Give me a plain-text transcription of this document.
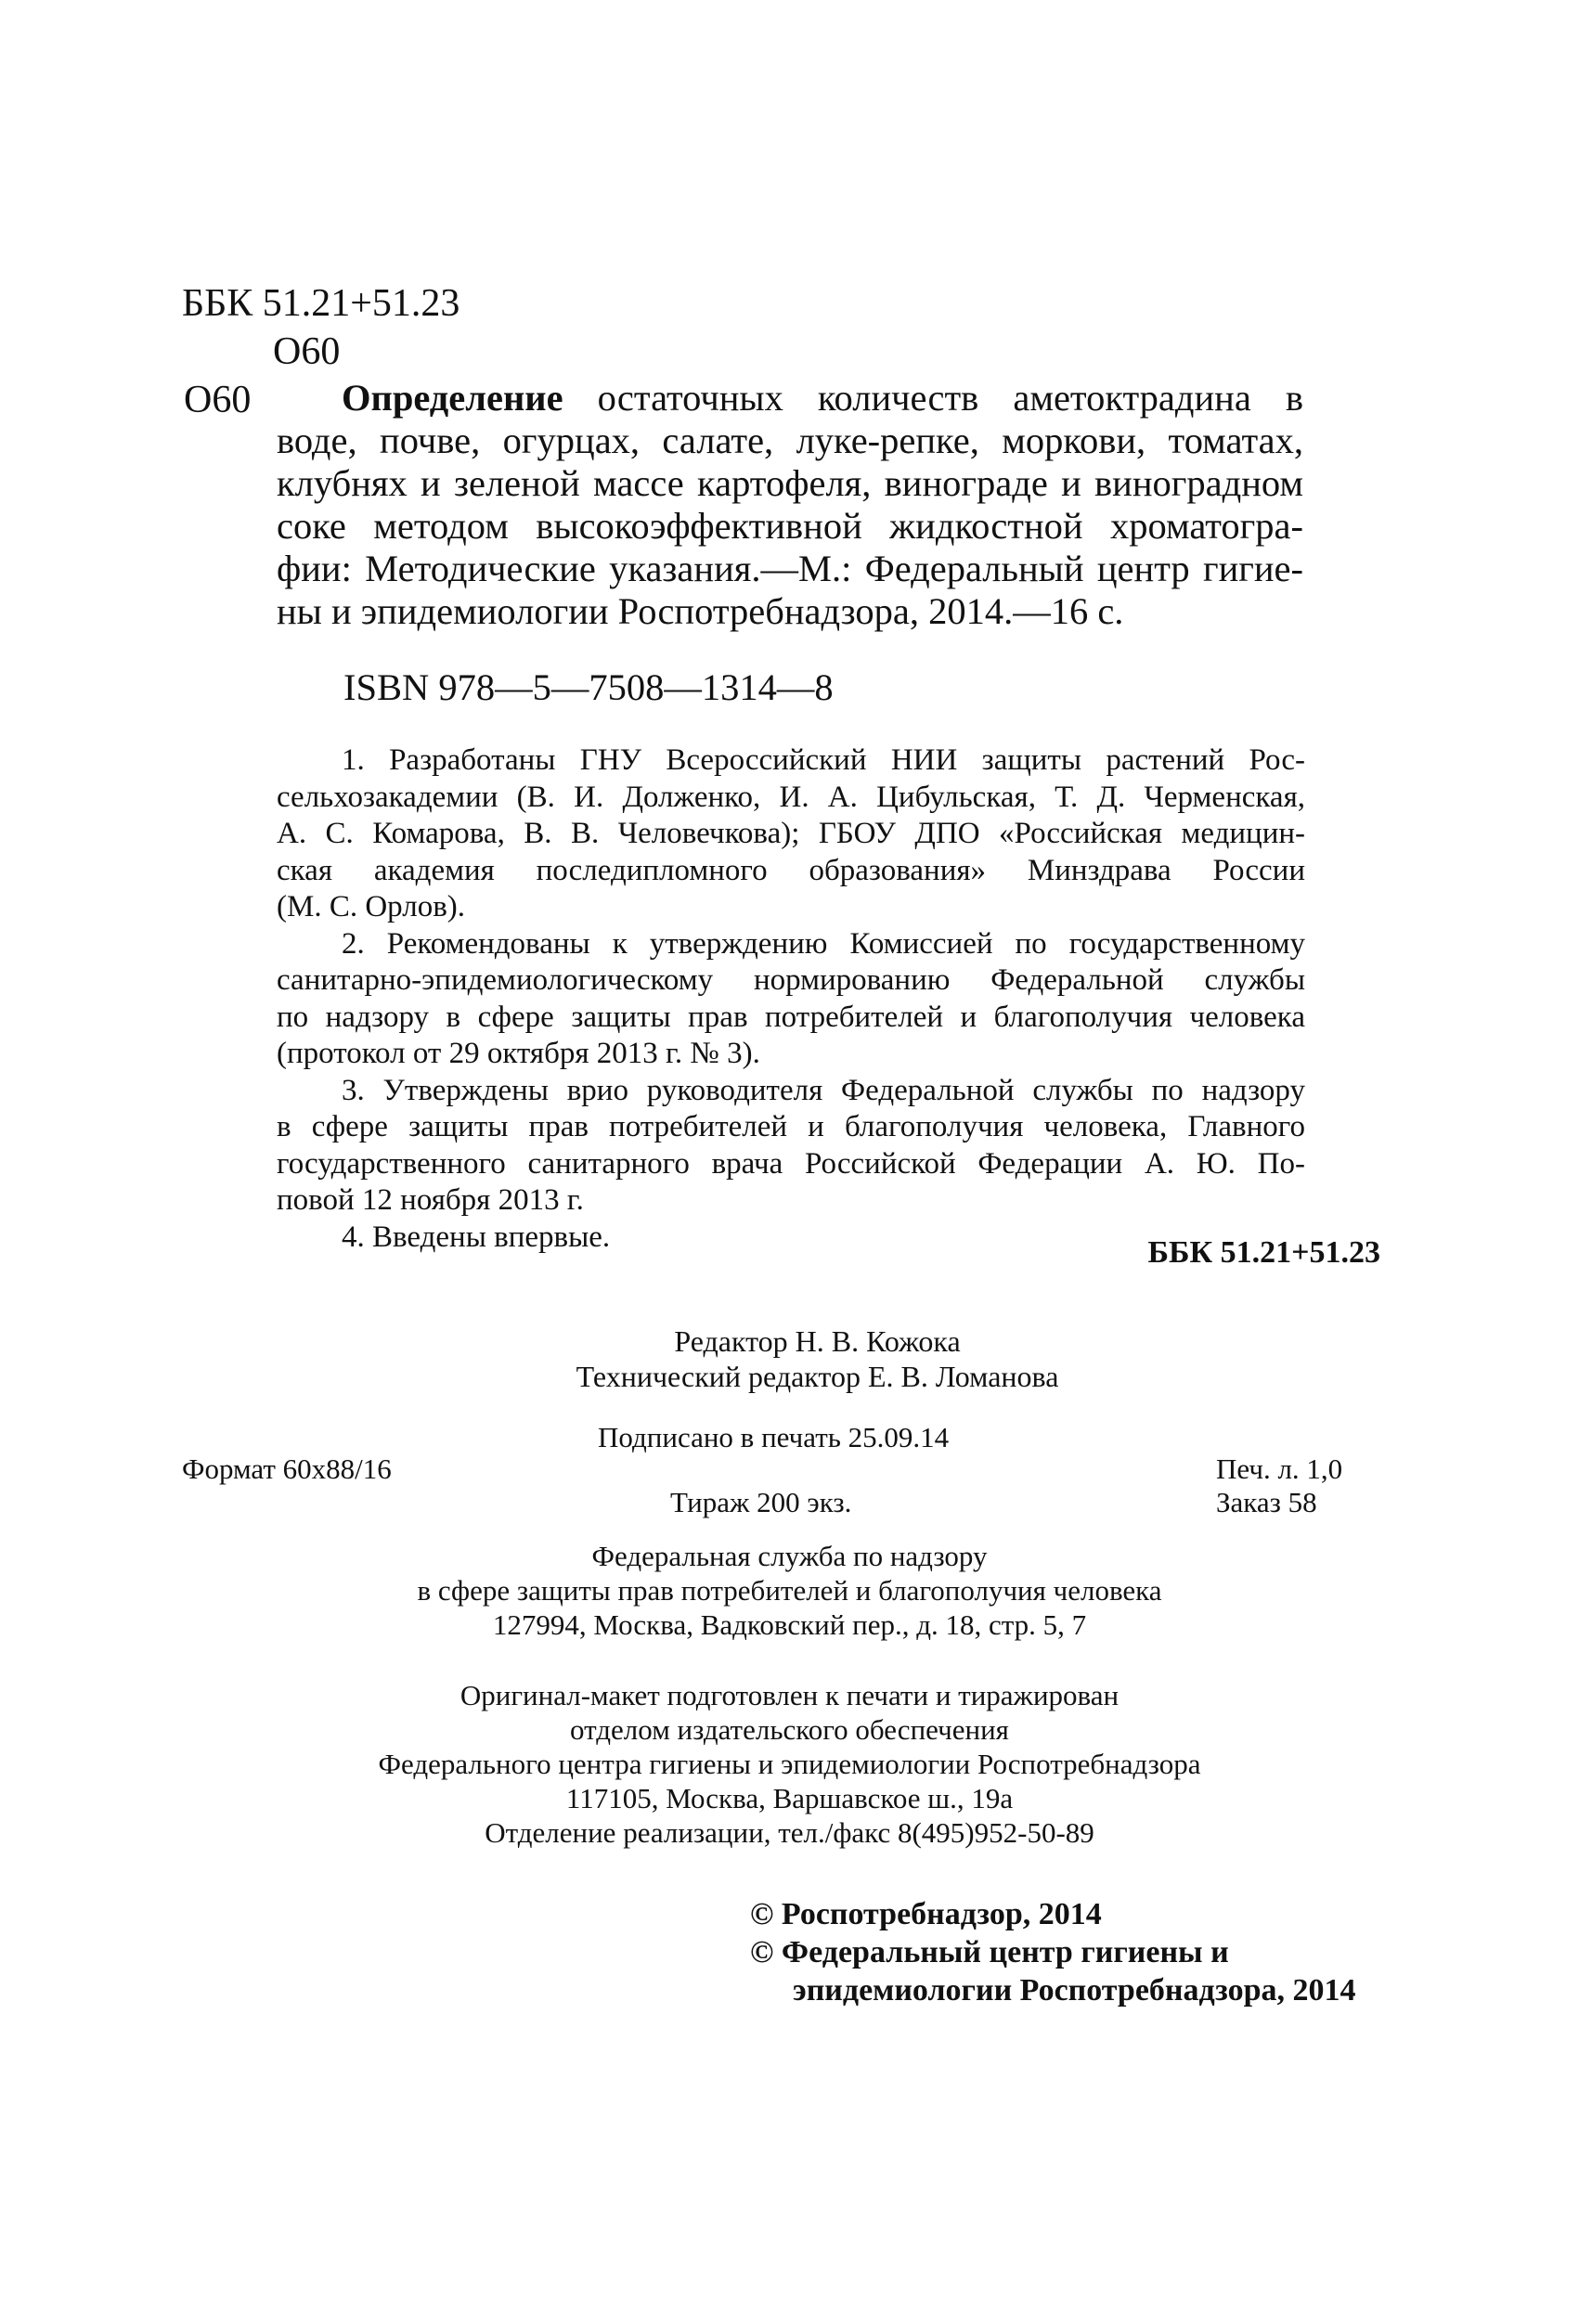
ББК 51.21+51.23
О60
О60	Определение остаточных количеств аметоктрадина в
воде, почве, огурцах, салате, луке-репке, моркови, томатах,
клубнях и зеленой массе картофеля, винограде и виноградном
соке методом высокоэффективной жидкостной хроматогра-
фии: Методические указания.—М.: Федеральный центр гигие-
ны и эпидемиологии Роспотребнадзора, 2014.—16 с.
ISBN 978—5—7508—1314—8
1. Разработаны ГНУ Всероссийский НИИ защиты растений Рос-
сельхозакадемии (В. И. Долженко, И. А. Цибульская, Т. Д. Черменская,
А. С. Комарова, В. В. Человечкова); ГБОУ ДПО «Российская медицин-
ская академия последипломного образования» Минздрава России
(М. С. Орлов).
2. Рекомендованы к утверждению Комиссией по государственному
санитарно-эпидемиологическому нормированию Федеральной службы
по надзору в сфере защиты прав потребителей и благополучия человека
(протокол от 29 октября 2013 г. № 3).
3. Утверждены врио руководителя Федеральной службы по надзору
в сфере защиты прав потребителей и благополучия человека, Главного
государственного санитарного врача Российской Федерации А. Ю. По-
повой 12 ноября 2013 г.
4. Введены впервые.	ББК 51.21+51.23
Редактор Н. В. Кожока
Технический редактор Е. В. Ломанова
Подписано в печать 25.09.14
Формат 60x88/16	Печ. л. 1,0
Тираж 200 экз.	Заказ 58
Федеральная служба по надзору
в сфере защиты прав потребителей и благополучия человека
127994, Москва, Вадковский пер., д. 18, стр. 5, 7
Оригинал-макет подготовлен к печати и тиражирован
отделом издательского обеспечения
Федерального центра гигиены и эпидемиологии Роспотребнадзора
117105, Москва, Варшавское ш., 19а
Отделение реализации, тел./факс 8(495)952-50-89
© Роспотребнадзор, 2014
© Федеральный центр гигиены и
эпидемиологии Роспотребнадзора, 2014
